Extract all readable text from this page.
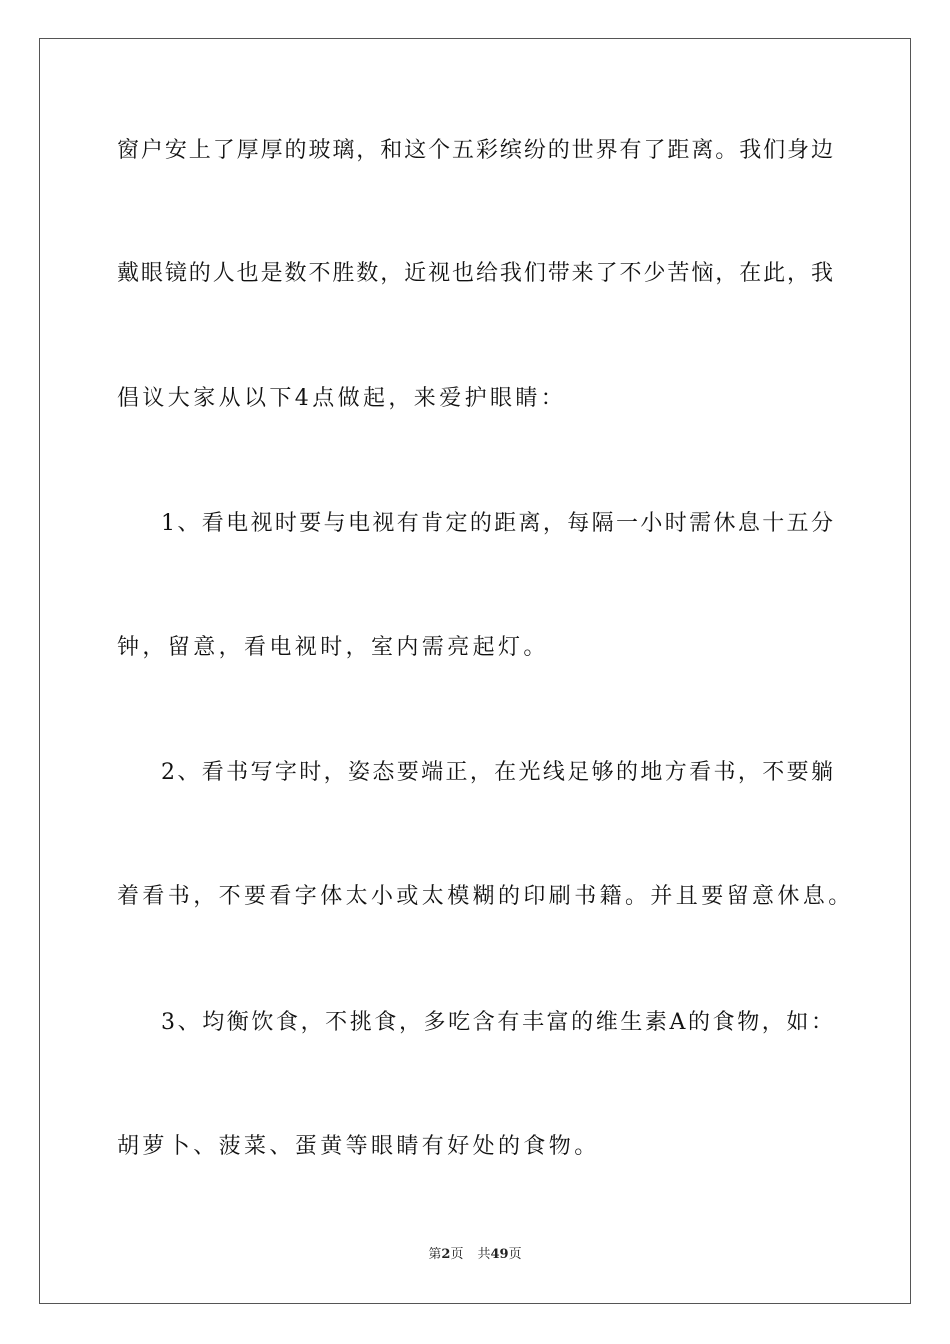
窗户安上了厚厚的玻璃，和这个五彩缤纷的世界有了距离。我们身边
戴眼镜的人也是数不胜数，近视也给我们带来了不少苦恼，在此，我
倡议大家从以下4点做起，来爱护眼睛：
1、看电视时要与电视有肯定的距离，每隔一小时需休息十五分
钟，留意，看电视时，室内需亮起灯。
2、看书写字时，姿态要端正，在光线足够的地方看书，不要躺
着看书，不要看字体太小或太模糊的印刷书籍。并且要留意休息。
3、均衡饮食，不挑食，多吃含有丰富的维生素A的食物，如：
胡萝卜、菠菜、蛋黄等眼睛有好处的食物。
第2页 共49页
